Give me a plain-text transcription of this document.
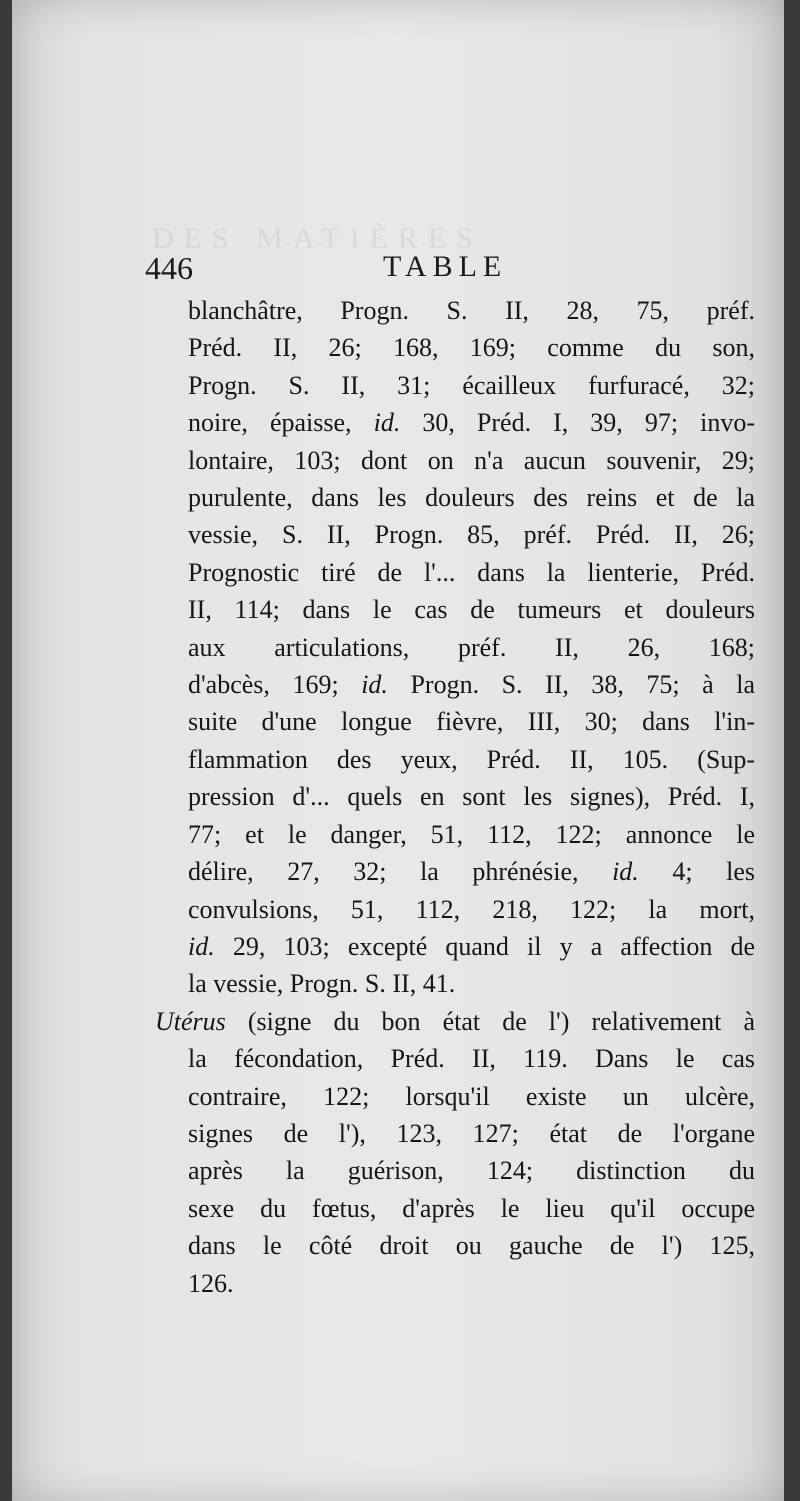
DES MATIÈRES
446	TABLE
blanchâtre, Progn. S. II, 28, 75, préf.
Préd. II, 26; 168, 169; comme du son,
Progn. S. II, 31; écailleux furfuracé, 32;
noire, épaisse, id. 30, Préd. I, 39, 97; invo-
lontaire, 103; dont on n'a aucun souvenir, 29;
purulente, dans les douleurs des reins et de la
vessie, S. II, Progn. 85, préf. Préd. II, 26;
Prognostic tiré de l'... dans la lienterie, Préd.
II, 114; dans le cas de tumeurs et douleurs
aux articulations, préf. II, 26, 168;
d'abcès, 169; id. Progn. S. II, 38, 75; à la
suite d'une longue fièvre, III, 30; dans l'in-
flammation des yeux, Préd. II, 105. (Sup-
pression d'... quels en sont les signes), Préd. I,
77; et le danger, 51, 112, 122; annonce le
délire, 27, 32; la phrénésie, id. 4; les
convulsions, 51, 112, 218, 122; la mort,
id. 29, 103; excepté quand il y a affection de
la vessie, Progn. S. II, 41.
Utérus (signe du bon état de l') relativement à
la fécondation, Préd. II, 119. Dans le cas
contraire, 122; lorsqu'il existe un ulcère,
signes de l'), 123, 127; état de l'organe
après la guérison, 124; distinction du
sexe du fœtus, d'après le lieu qu'il occupe
dans le côté droit ou gauche de l') 125,
126.
